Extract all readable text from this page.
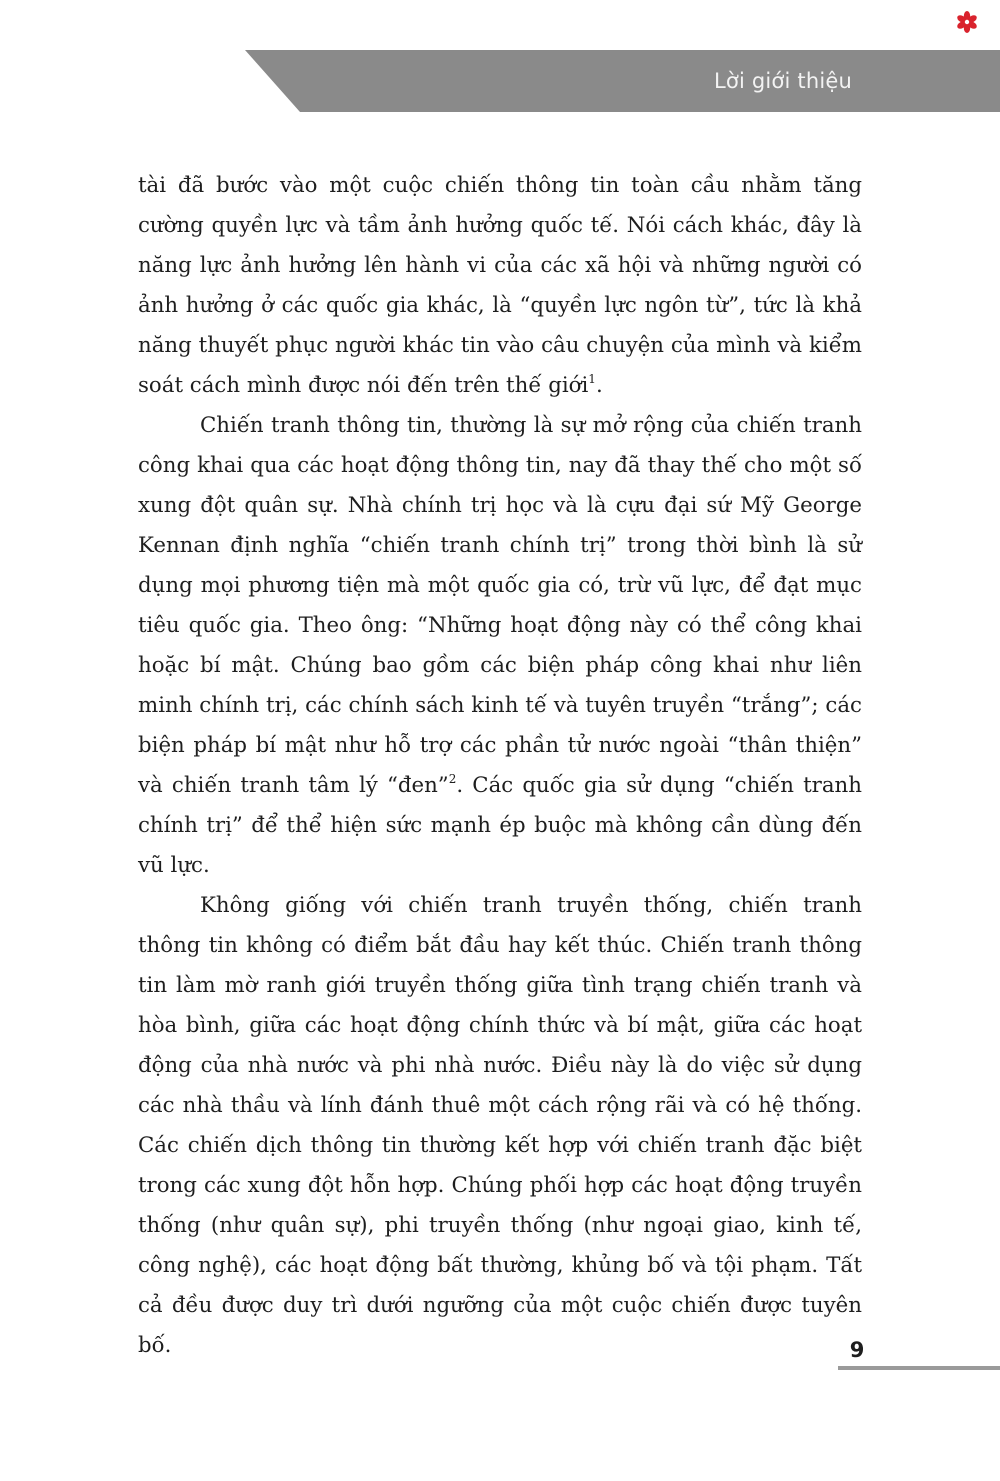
Lời giới thiệu

tài đã bước vào một cuộc chiến thông tin toàn cầu nhằm tăng cường quyền lực và tầm ảnh hưởng quốc tế. Nói cách khác, đây là năng lực ảnh hưởng lên hành vi của các xã hội và những người có ảnh hưởng ở các quốc gia khác, là “quyền lực ngôn từ”, tức là khả năng thuyết phục người khác tin vào câu chuyện của mình và kiểm soát cách mình được nói đến trên thế giới$^1$.

Chiến tranh thông tin, thường là sự mở rộng của chiến tranh công khai qua các hoạt động thông tin, nay đã thay thế cho một số xung đột quân sự. Nhà chính trị học và là cựu đại sứ Mỹ George Kennan định nghĩa “chiến tranh chính trị” trong thời bình là sử dụng mọi phương tiện mà một quốc gia có, trừ vũ lực, để đạt mục tiêu quốc gia. Theo ông: “Những hoạt động này có thể công khai hoặc bí mật. Chúng bao gồm các biện pháp công khai như liên minh chính trị, các chính sách kinh tế và tuyên truyền “trắng”; các biện pháp bí mật như hỗ trợ các phần tử nước ngoài “thân thiện” và chiến tranh tâm lý “đen”$^2$. Các quốc gia sử dụng “chiến tranh chính trị” để thể hiện sức mạnh ép buộc mà không cần dùng đến vũ lực.

Không giống với chiến tranh truyền thống, chiến tranh thông tin không có điểm bắt đầu hay kết thúc. Chiến tranh thông tin làm mờ ranh giới truyền thống giữa tình trạng chiến tranh và hòa bình, giữa các hoạt động chính thức và bí mật, giữa các hoạt động của nhà nước và phi nhà nước. Điều này là do việc sử dụng các nhà thầu và lính đánh thuê một cách rộng rãi và có hệ thống. Các chiến dịch thông tin thường kết hợp với chiến tranh đặc biệt trong các xung đột hỗn hợp. Chúng phối hợp các hoạt động truyền thống (như quân sự), phi truyền thống (như ngoại giao, kinh tế, công nghệ), các hoạt động bất thường, khủng bố và tội phạm. Tất cả đều được duy trì dưới ngưỡng của một cuộc chiến được tuyên bố.	9
